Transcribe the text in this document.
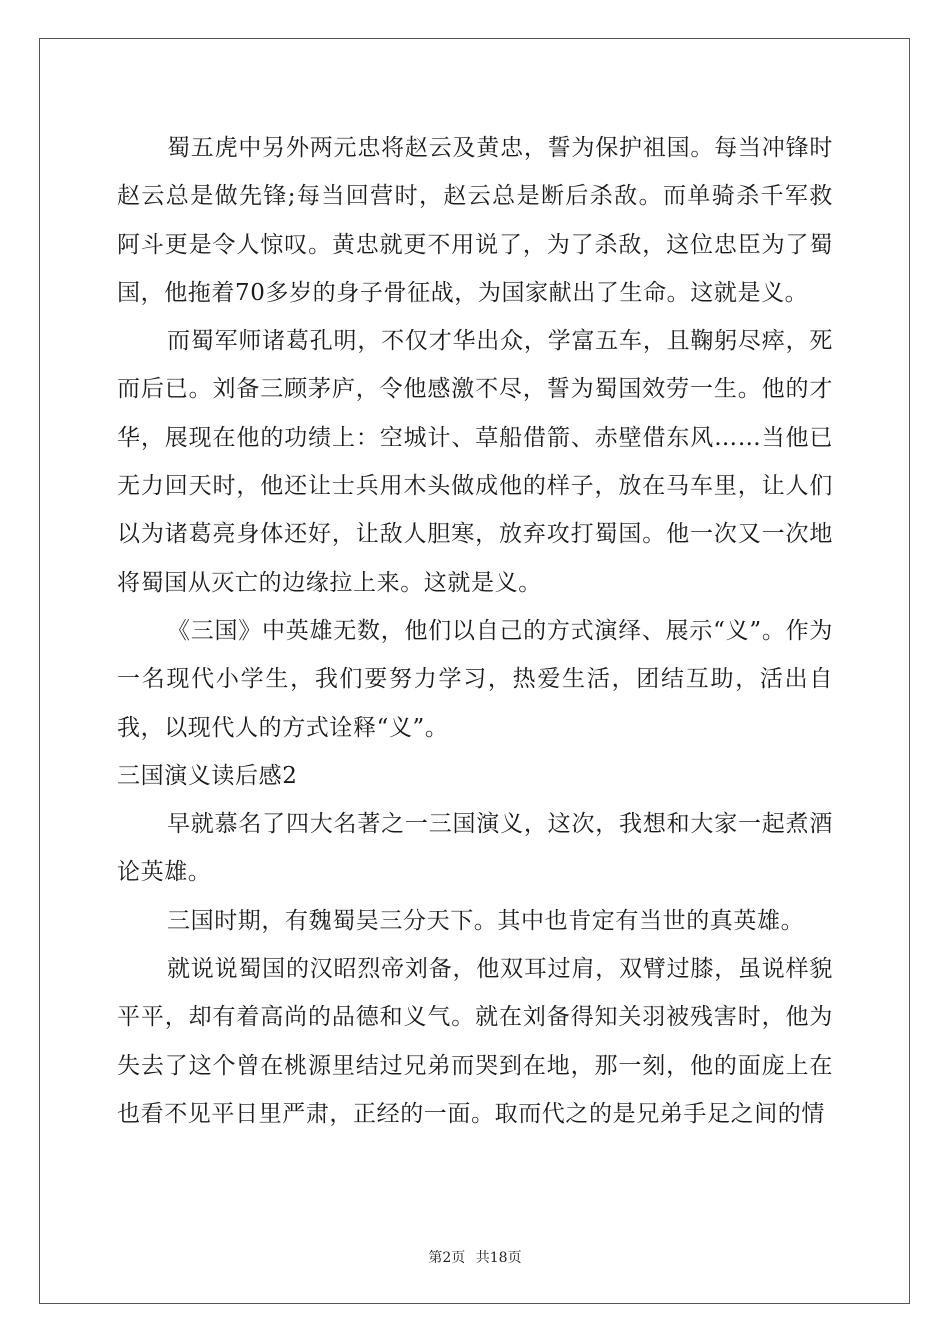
蜀五虎中另外两元忠将赵云及黄忠，誓为保护祖国。每当冲锋时赵云总是做先锋;每当回营时，赵云总是断后杀敌。而单骑杀千军救阿斗更是令人惊叹。黄忠就更不用说了，为了杀敌，这位忠臣为了蜀国，他拖着70多岁的身子骨征战，为国家献出了生命。这就是义。

而蜀军师诸葛孔明，不仅才华出众，学富五车，且鞠躬尽瘁，死而后已。刘备三顾茅庐，令他感激不尽，誓为蜀国效劳一生。他的才华，展现在他的功绩上：空城计、草船借箭、赤壁借东风……当他已无力回天时，他还让士兵用木头做成他的样子，放在马车里，让人们以为诸葛亮身体还好，让敌人胆寒，放弃攻打蜀国。他一次又一次地将蜀国从灭亡的边缘拉上来。这就是义。

《三国》中英雄无数，他们以自己的方式演绎、展示“义”。作为一名现代小学生，我们要努力学习，热爱生活，团结互助，活出自我，以现代人的方式诠释“义”。

三国演义读后感2

早就慕名了四大名著之一三国演义，这次，我想和大家一起煮酒论英雄。

三国时期，有魏蜀吴三分天下。其中也肯定有当世的真英雄。

就说说蜀国的汉昭烈帝刘备，他双耳过肩，双臂过膝，虽说样貌平平，却有着高尚的品德和义气。就在刘备得知关羽被残害时，他为失去了这个曾在桃源里结过兄弟而哭到在地，那一刻，他的面庞上在也看不见平日里严肃，正经的一面。取而代之的是兄弟手足之间的情

第2页 共18页
